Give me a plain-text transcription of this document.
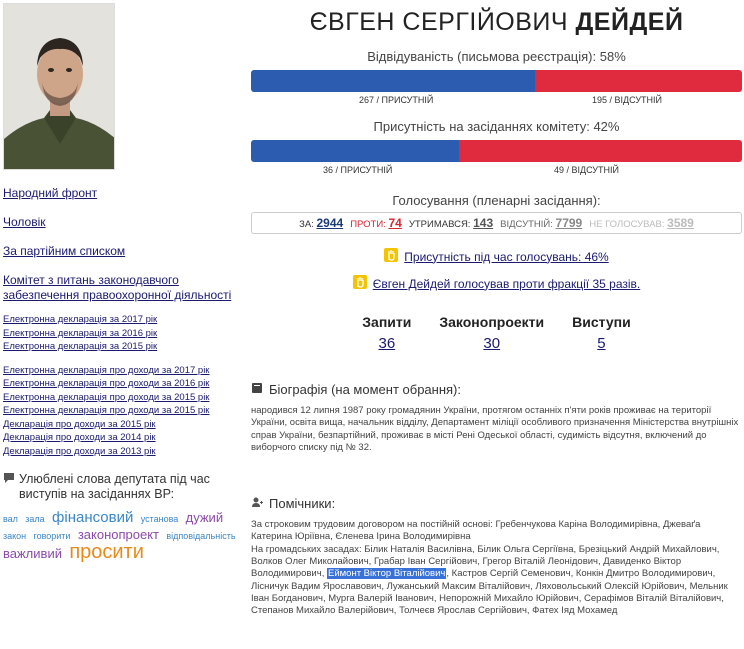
Народний фронт
Чоловік
За партійним списком
Комітет з питань законодавчого забезпечення правоохоронної діяльності
Електронна декларація за 2017 рік
Електронна декларація за 2016 рік
Електронна декларація за 2015 рік
Електронна декларація про доходи за 2017 рік
Електронна декларація про доходи за 2016 рік
Електронна декларація про доходи за 2015 рік
Електронна декларація про доходи за 2015 рік
Декларація про доходи за 2015 рік
Декларація про доходи за 2014 рік
Декларація про доходи за 2013 рік
Улюблені слова депутата під час виступів на засіданнях ВР:
вал зала фінансовий установа дужий закон говорити законопроект відповідальність важливий просити
ЄВГЕН СЕРГІЙОВИЧ ДЕЙДЕЙ
Відвідуваність (письмова реєстрація): 58%
267 / ПРИСУТНІЙ	195 / ВІДСУТНІЙ
Присутність на засіданнях комітету: 42%
36 / ПРИСУТНІЙ	49 / ВІДСУТНІЙ
Голосування (пленарні засідання):
ЗА: 2944 ПРОТИ: 74 УТРИМАВСЯ: 143 ВІДСУТНІЙ: 7799 НЕ ГОЛОСУВАВ: 3589
Присутність під час голосувань: 46%
Євген Дейдей голосував проти фракції 35 разів.
Запити
36
Законопроекти
30
Виступи
5
Біографія (на момент обрання):
народився 12 липня 1987 року громадянин України, протягом останніх п'яти років проживає на території України, освіта вища, начальник відділу, Департамент міліції особливого призначення Міністерства внутрішніх справ України, безпартійний, проживає в місті Рені Одеської області, судимість відсутня, включений до виборчого списку під № 32.
Помічники:
За строковим трудовим договором на постійній основі: Гребенчукова Каріна Володимирівна, Джеваґа Катерина Юріївна, Єленева Ірина Володимирівна
На громадських засадах: Білик Наталія Василівна, Білик Ольга Сергіївна, Брезіцький Андрій Михайлович, Волков Олег Миколайович, Грабар Іван Сергійович, Грегор Віталій Леонідович, Давиденко Віктор Володимирович, Еймонт Віктор Віталійович, Кастров Сергій Семенович, Конкін Дмитро Володимирович, Лісничук Вадим Ярославович, Лужанський Максим Віталійович, Ляховольський Олексій Юрійович, Мельник Іван Богданович, Мурга Валерій Іванович, Непорожній Михайло Юрійович, Серафімов Віталій Віталійович, Степанов Михайло Валерійович, Толчеєв Ярослав Сергійович, Фатех Іяд Мохамед
